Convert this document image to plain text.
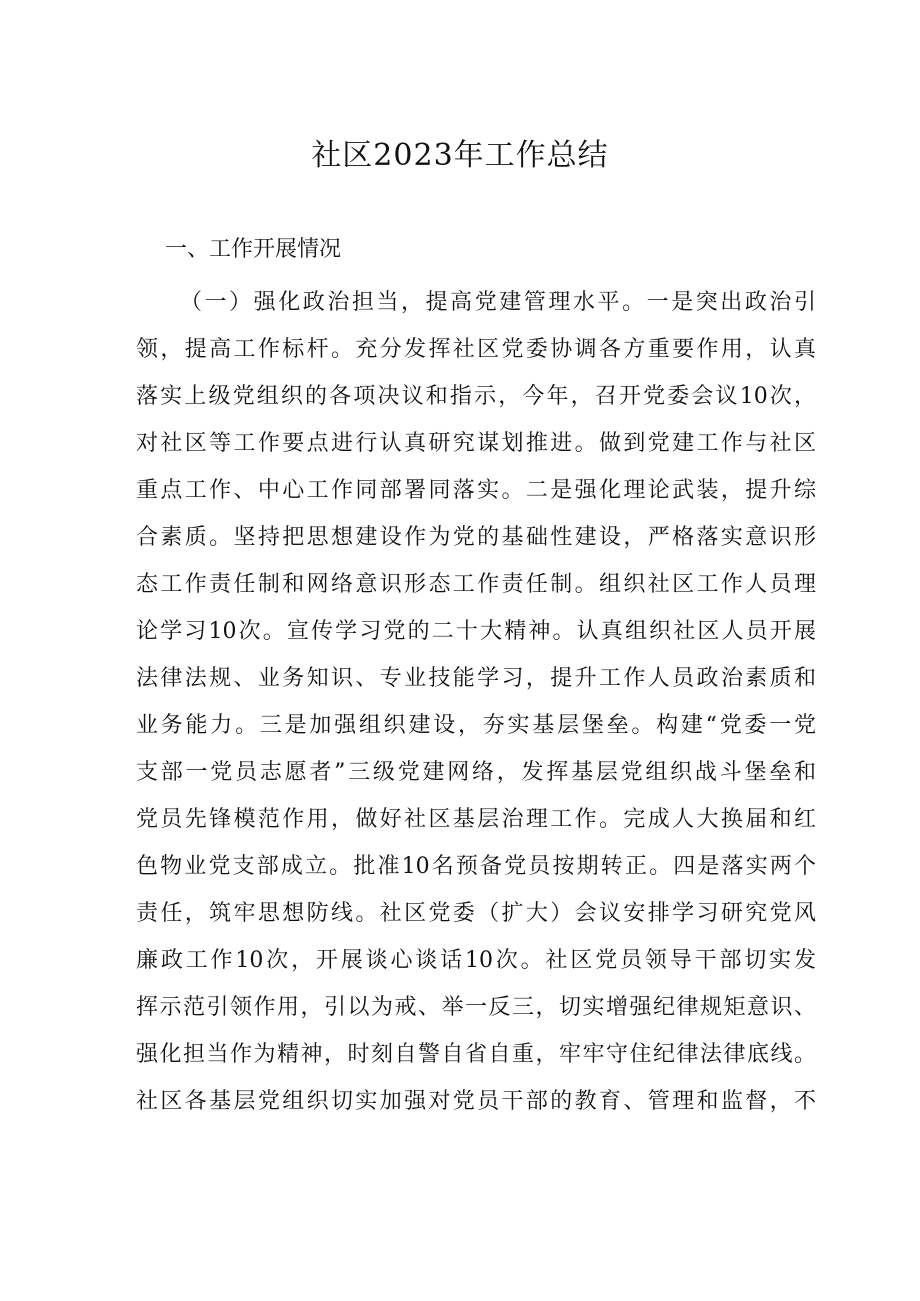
社区2023年工作总结
一、工作开展情况

（一）强化政治担当，提高党建管理水平。一是突出政治引

领，提高工作标杆。充分发挥社区党委协调各方重要作用，认真

落实上级党组织的各项决议和指示，今年，召开党委会议10次，

对社区等工作要点进行认真研究谋划推进。做到党建工作与社区

重点工作、中心工作同部署同落实。二是强化理论武装，提升综

合素质。坚持把思想建设作为党的基础性建设，严格落实意识形

态工作责任制和网络意识形态工作责任制。组织社区工作人员理

论学习10次。宣传学习党的二十大精神。认真组织社区人员开展

法律法规、业务知识、专业技能学习，提升工作人员政治素质和

业务能力。三是加强组织建设，夯实基层堡垒。构建“党委一党

支部一党员志愿者”三级党建网络，发挥基层党组织战斗堡垒和

党员先锋模范作用，做好社区基层治理工作。完成人大换届和红

色物业党支部成立。批准10名预备党员按期转正。四是落实两个

责任，筑牢思想防线。社区党委（扩大）会议安排学习研究党风

廉政工作10次，开展谈心谈话10次。社区党员领导干部切实发

挥示范引领作用，引以为戒、举一反三，切实增强纪律规矩意识、

强化担当作为精神，时刻自警自省自重，牢牢守住纪律法律底线。

社区各基层党组织切实加强对党员干部的教育、管理和监督，不
